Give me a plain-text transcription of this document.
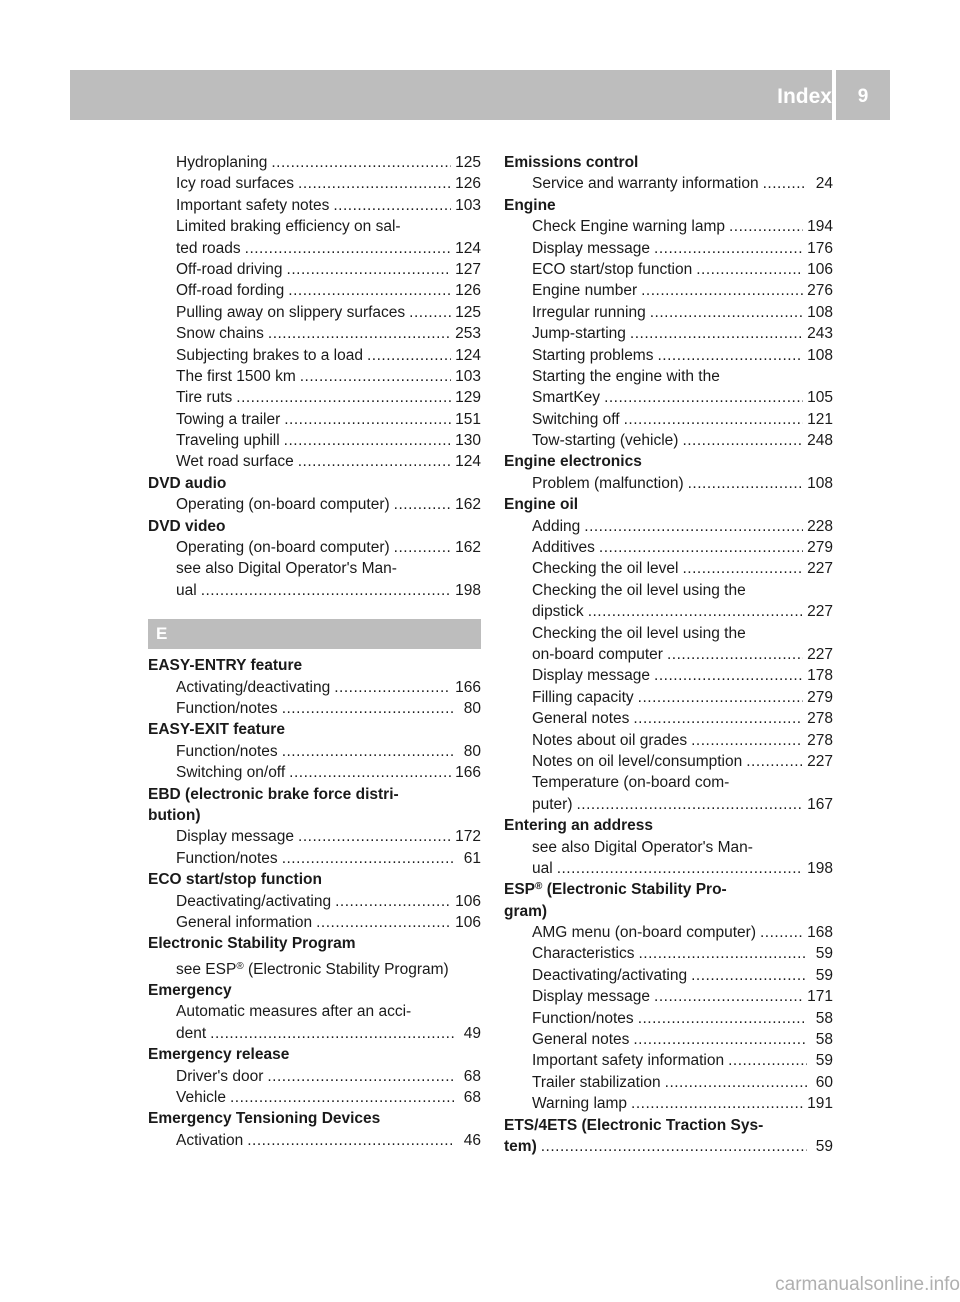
Index	9
Hydroplaning .....	125
Icy road surfaces .....	126
Important safety notes .....	103
Limited braking efficiency on sal-
ted roads .....	124
Off-road driving .....	127
Off-road fording .....	126
Pulling away on slippery surfaces .....	125
Snow chains .....	253
Subjecting brakes to a load .....	124
The first 1500 km .....	103
Tire ruts .....	129
Towing a trailer .....	151
Traveling uphill .....	130
Wet road surface .....	124
DVD audio
Operating (on-board computer) .....	162
DVD video
Operating (on-board computer) .....	162
see also Digital Operator's Man-
ual .....	198
E
EASY-ENTRY feature
Activating/deactivating .....	166
Function/notes .....	80
EASY-EXIT feature
Function/notes .....	80
Switching on/off .....	166
EBD (electronic brake force distri-
bution)
Display message .....	172
Function/notes .....	61
ECO start/stop function
Deactivating/activating .....	106
General information .....	106
Electronic Stability Program
see ESP® (Electronic Stability Program)
Emergency
Automatic measures after an acci-
dent .....	49
Emergency release
Driver's door .....	68
Vehicle .....	68
Emergency Tensioning Devices
Activation .....	46
Emissions control
Service and warranty information .....	24
Engine
Check Engine warning lamp .....	194
Display message .....	176
ECO start/stop function .....	106
Engine number .....	276
Irregular running .....	108
Jump-starting .....	243
Starting problems .....	108
Starting the engine with the
SmartKey .....	105
Switching off .....	121
Tow-starting (vehicle) .....	248
Engine electronics
Problem (malfunction) .....	108
Engine oil
Adding .....	228
Additives .....	279
Checking the oil level .....	227
Checking the oil level using the
dipstick .....	227
Checking the oil level using the
on-board computer .....	227
Display message .....	178
Filling capacity .....	279
General notes .....	278
Notes about oil grades .....	278
Notes on oil level/consumption .....	227
Temperature (on-board com-
puter) .....	167
Entering an address
see also Digital Operator's Man-
ual .....	198
ESP® (Electronic Stability Pro-
gram)
AMG menu (on-board computer) .....	168
Characteristics .....	59
Deactivating/activating .....	59
Display message .....	171
Function/notes .....	58
General notes .....	58
Important safety information .....	59
Trailer stabilization .....	60
Warning lamp .....	191
ETS/4ETS (Electronic Traction Sys-
tem) .....	59
carmanualsonline.info
